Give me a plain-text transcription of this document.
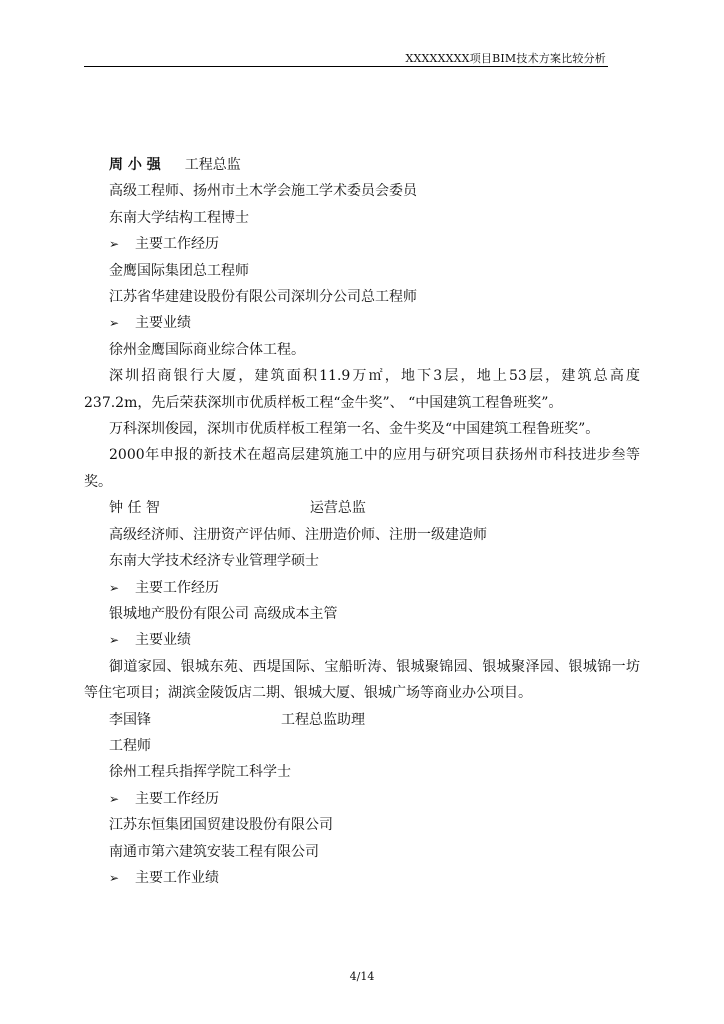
XXXXXXXX项目BIM技术方案比较分析
周 小 强 工程总监
高级工程师、扬州市土木学会施工学术委员会委员
东南大学结构工程博士
➢ 主要工作经历
金鹰国际集团总工程师
江苏省华建建设股份有限公司深圳分公司总工程师
➢ 主要业绩
徐州金鹰国际商业综合体工程。
深圳招商银行大厦，建筑面积11.9万㎡，地下3层，地上53层，建筑总高度237.2m，先后荣获深圳市优质样板工程“金牛奖”、 “中国建筑工程鲁班奖”。
万科深圳俊园，深圳市优质样板工程第一名、金牛奖及“中国建筑工程鲁班奖”。
2000年申报的新技术在超高层建筑施工中的应用与研究项目获扬州市科技进步叁等奖。
钟 任 智	运营总监
高级经济师、注册资产评估师、注册造价师、注册一级建造师
东南大学技术经济专业管理学硕士
➢ 主要工作经历
银城地产股份有限公司 高级成本主管
➢ 主要业绩
御道家园、银城东苑、西堤国际、宝船昕涛、银城聚锦园、银城聚泽园、银城锦一坊等住宅项目；湖滨金陵饭店二期、银城大厦、银城广场等商业办公项目。
李国锋	工程总监助理
工程师
徐州工程兵指挥学院工科学士
➢ 主要工作经历
江苏东恒集团国贸建设股份有限公司
南通市第六建筑安装工程有限公司
➢ 主要工作业绩
4/14
